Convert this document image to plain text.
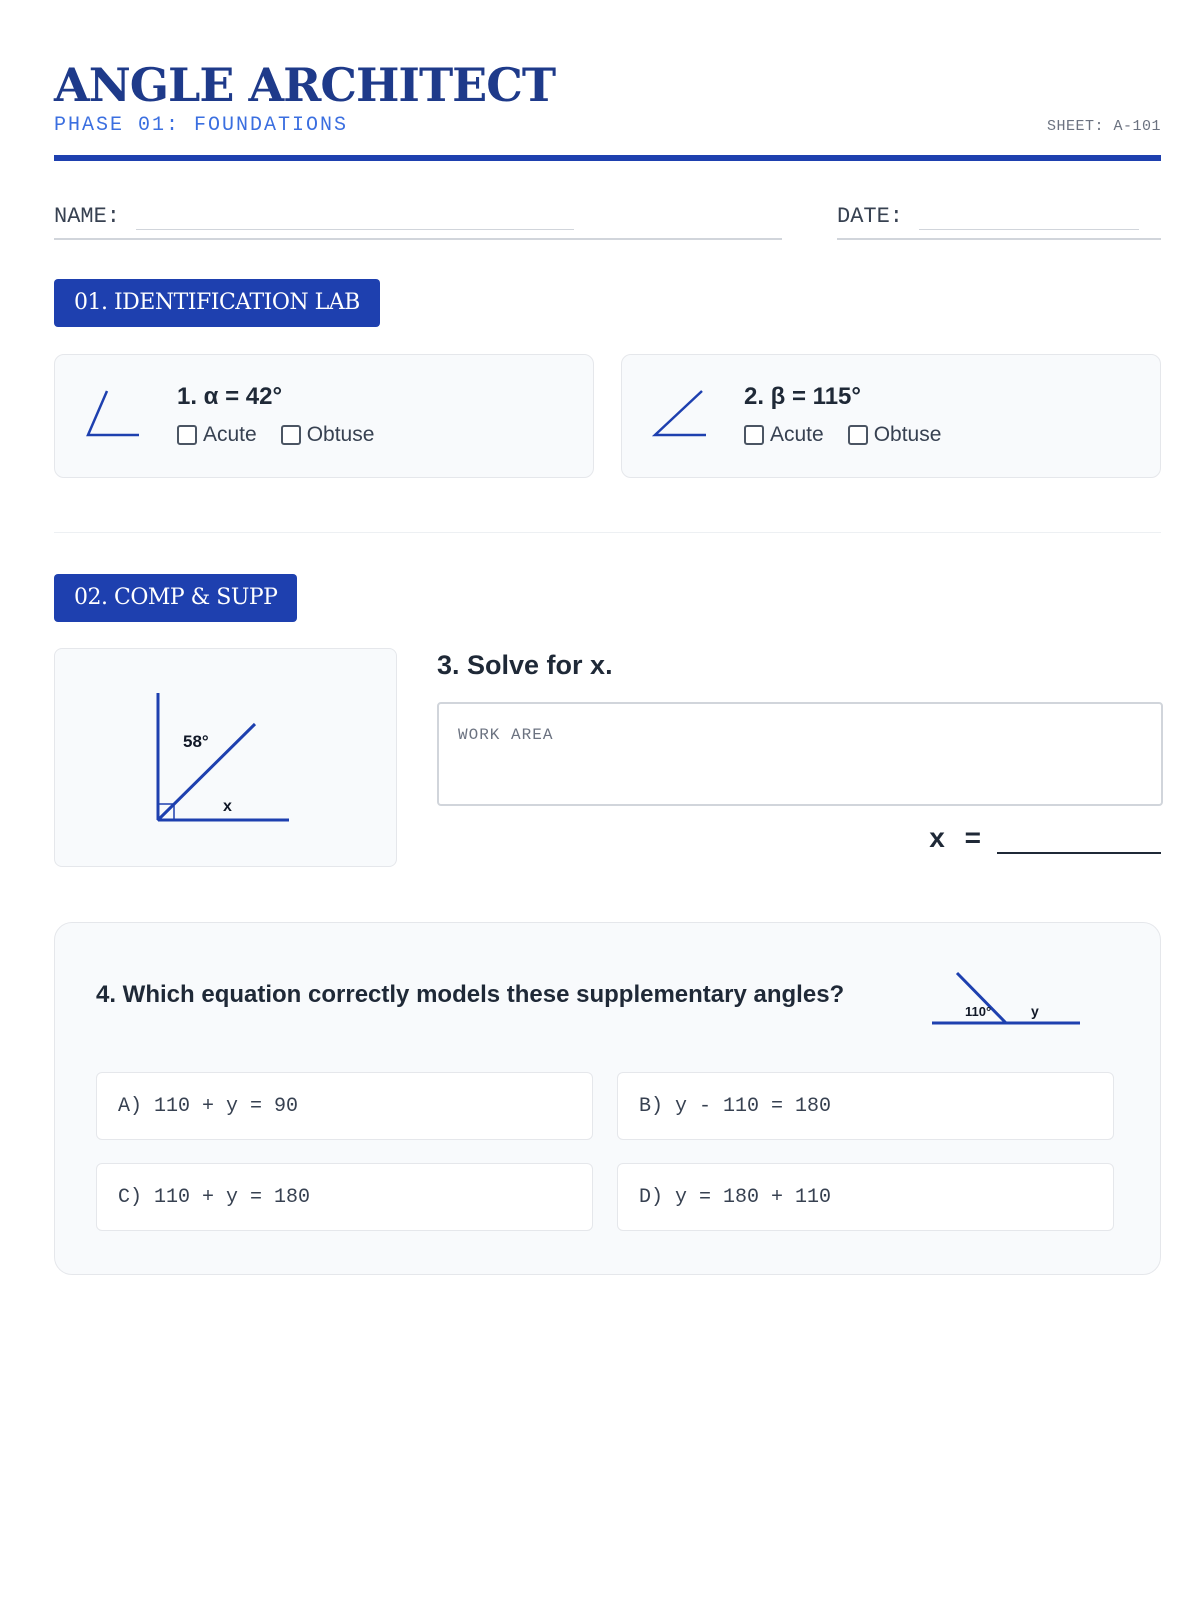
ANGLE ARCHITECT
PHASE 01: FOUNDATIONS	SHEET: A-101
NAME:	DATE:
01. IDENTIFICATION LAB
1. α = 42°
Acute Obtuse
2. β = 115°
Acute Obtuse
02. COMP & SUPP
58°
x
3. Solve for x.
WORK AREA
x =
4. Which equation correctly models these supplementary angles?
110°	y
A) 110 + y = 90	B) y - 110 = 180
C) 110 + y = 180	D) y = 180 + 110
